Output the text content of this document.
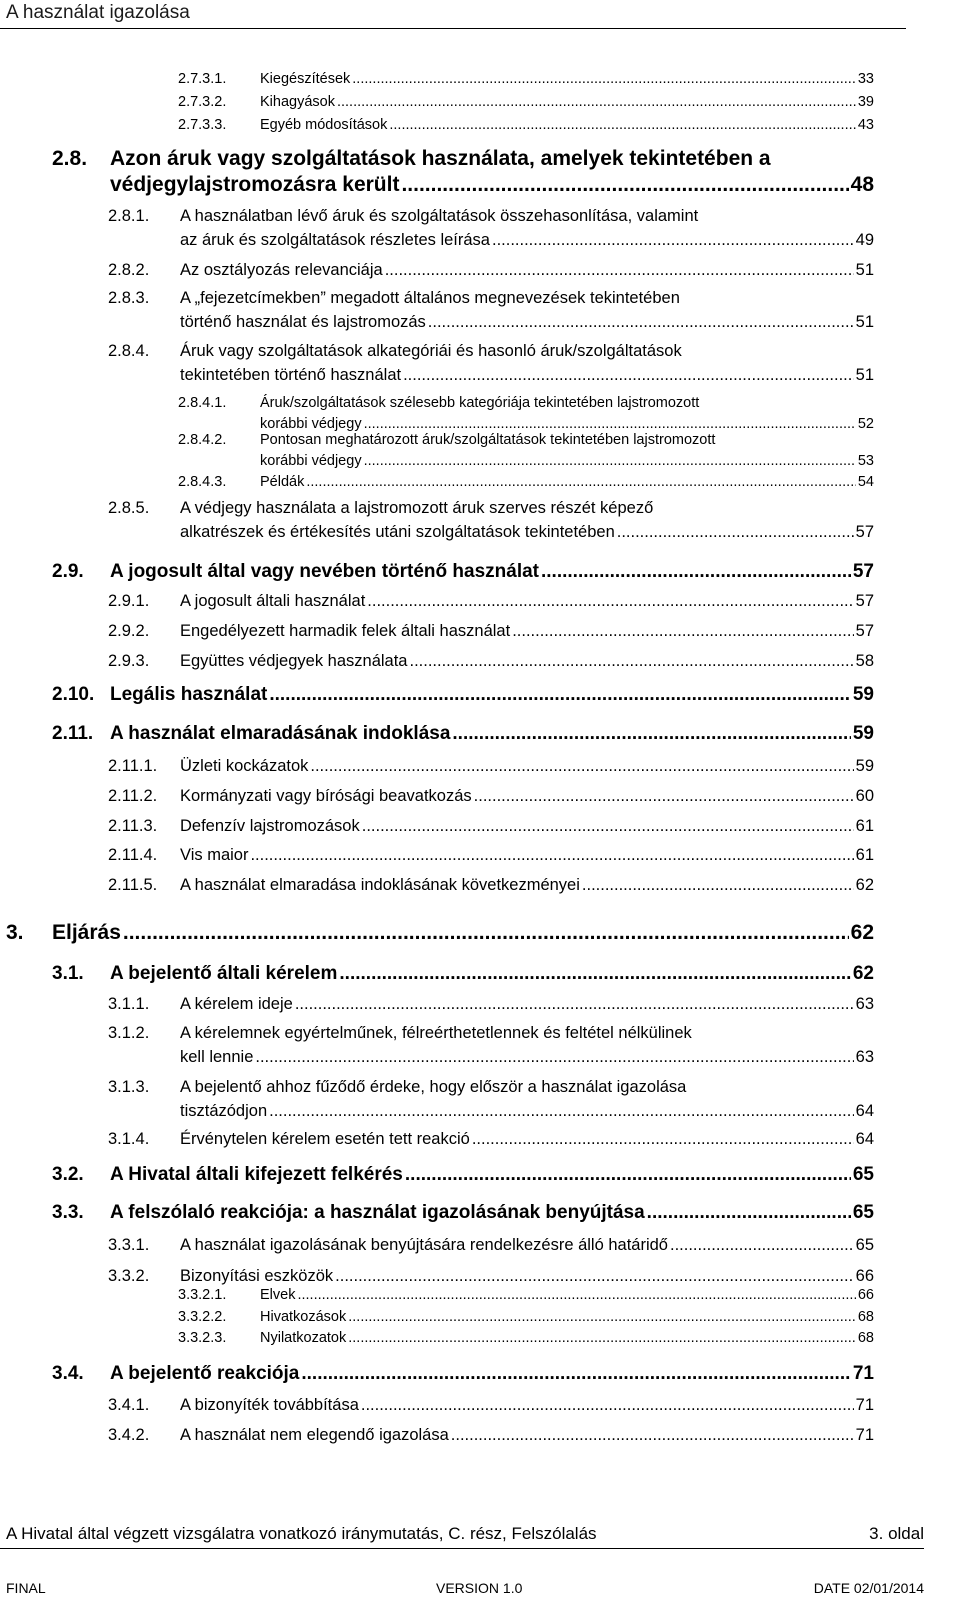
A használat igazolása
2.7.3.1. Kiegészítések .....	33
2.7.3.2. Kihagyások .....	39
2.7.3.3. Egyéb módosítások .....	43
2.8. Azon áruk vagy szolgáltatások használata, amelyek tekintetében a
védjegylajstromozásra került .....	48
2.8.1. A használatban lévő áruk és szolgáltatások összehasonlítása, valamint
az áruk és szolgáltatások részletes leírása .....	49
2.8.2. Az osztályozás relevanciája .....	51
2.8.3. A „fejezetcímekben” megadott általános megnevezések tekintetében
történő használat és lajstromozás .....	51
2.8.4. Áruk vagy szolgáltatások alkategóriái és hasonló áruk/szolgáltatások
tekintetében történő használat .....	51
2.8.4.1. Áruk/szolgáltatások szélesebb kategóriája tekintetében lajstromozott
korábbi védjegy .....	52
2.8.4.2. Pontosan meghatározott áruk/szolgáltatások tekintetében lajstromozott
korábbi védjegy .....	53
2.8.4.3. Példák .....	54
2.8.5. A védjegy használata a lajstromozott áruk szerves részét képező
alkatrészek és értékesítés utáni szolgáltatások tekintetében .....	57
2.9. A jogosult által vagy nevében történő használat .....	57
2.9.1. A jogosult általi használat .....	57
2.9.2. Engedélyezett harmadik felek általi használat .....	57
2.9.3. Együttes védjegyek használata .....	58
2.10. Legális használat .....	59
2.11. A használat elmaradásának indoklása .....	59
2.11.1. Üzleti kockázatok .....	59
2.11.2. Kormányzati vagy bírósági beavatkozás .....	60
2.11.3. Defenzív lajstromozások .....	61
2.11.4. Vis maior .....	61
2.11.5. A használat elmaradása indoklásának következményei .....	62
3. Eljárás .....	62
3.1. A bejelentő általi kérelem .....	62
3.1.1. A kérelem ideje .....	63
3.1.2. A kérelemnek egyértelműnek, félreérthetetlennek és feltétel nélkülinek
kell lennie .....	63
3.1.3. A bejelentő ahhoz fűződő érdeke, hogy először a használat igazolása
tisztázódjon .....	64
3.1.4. Érvénytelen kérelem esetén tett reakció .....	64
3.2. A Hivatal általi kifejezett felkérés .....	65
3.3. A felszólaló reakciója: a használat igazolásának benyújtása .....	65
3.3.1. A használat igazolásának benyújtására rendelkezésre álló határidő .....	65
3.3.2. Bizonyítási eszközök .....	66
3.3.2.1. Elvek .....	66
3.3.2.2. Hivatkozások .....	68
3.3.2.3. Nyilatkozatok .....	68
3.4. A bejelentő reakciója .....	71
3.4.1. A bizonyíték továbbítása .....	71
3.4.2. A használat nem elegendő igazolása .....	71
A Hivatal által végzett vizsgálatra vonatkozó iránymutatás, C. rész, Felszólalás	3. oldal
FINAL	VERSION 1.0	DATE 02/01/2014
